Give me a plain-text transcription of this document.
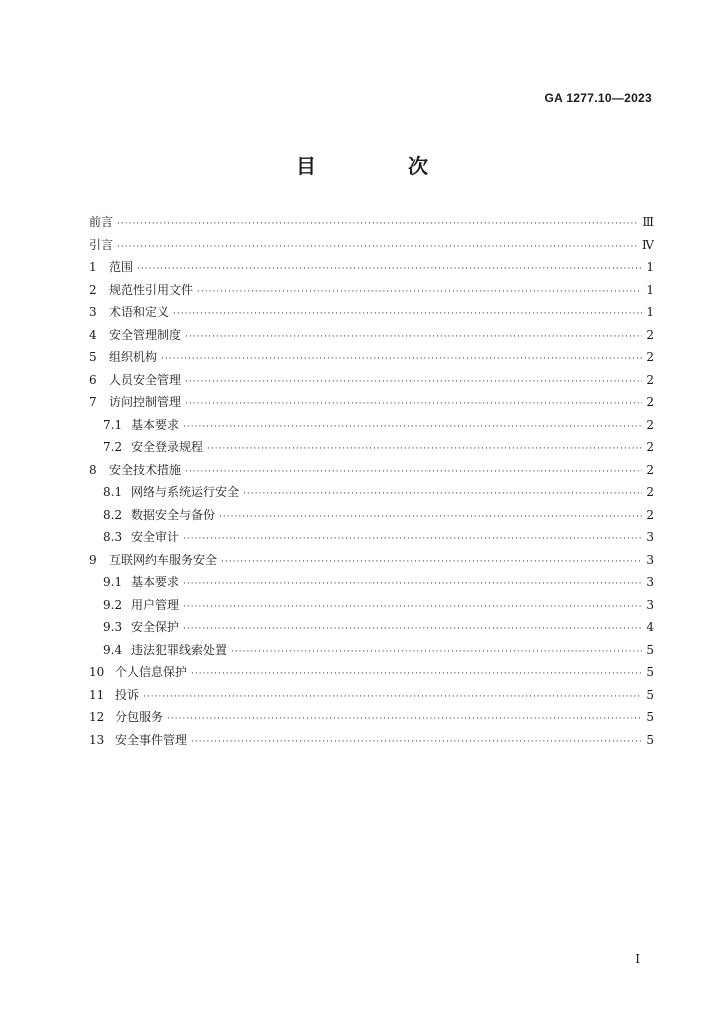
GA 1277.10—2023
目　次
前言 ·····	Ⅲ
引言 ·····	Ⅳ
1	范围 ·····	1
2	规范性引用文件 ·····	1
3	术语和定义 ·····	1
4	安全管理制度 ·····	2
5	组织机构 ·····	2
6	人员安全管理 ·····	2
7	访问控制管理 ·····	2
7.1 基本要求 ·····	2
7.2 安全登录规程 ·····	2
8	安全技术措施 ·····	2
8.1 网络与系统运行安全 ·····	2
8.2 数据安全与备份 ·····	2
8.3 安全审计 ·····	3
9	互联网约车服务安全 ·····	3
9.1 基本要求 ·····	3
9.2 用户管理 ·····	3
9.3 安全保护 ·····	4
9.4 违法犯罪线索处置 ·····	5
10 个人信息保护 ·····	5
11 投诉 ·····	5
12 分包服务 ·····	5
13 安全事件管理 ·····	5
I
